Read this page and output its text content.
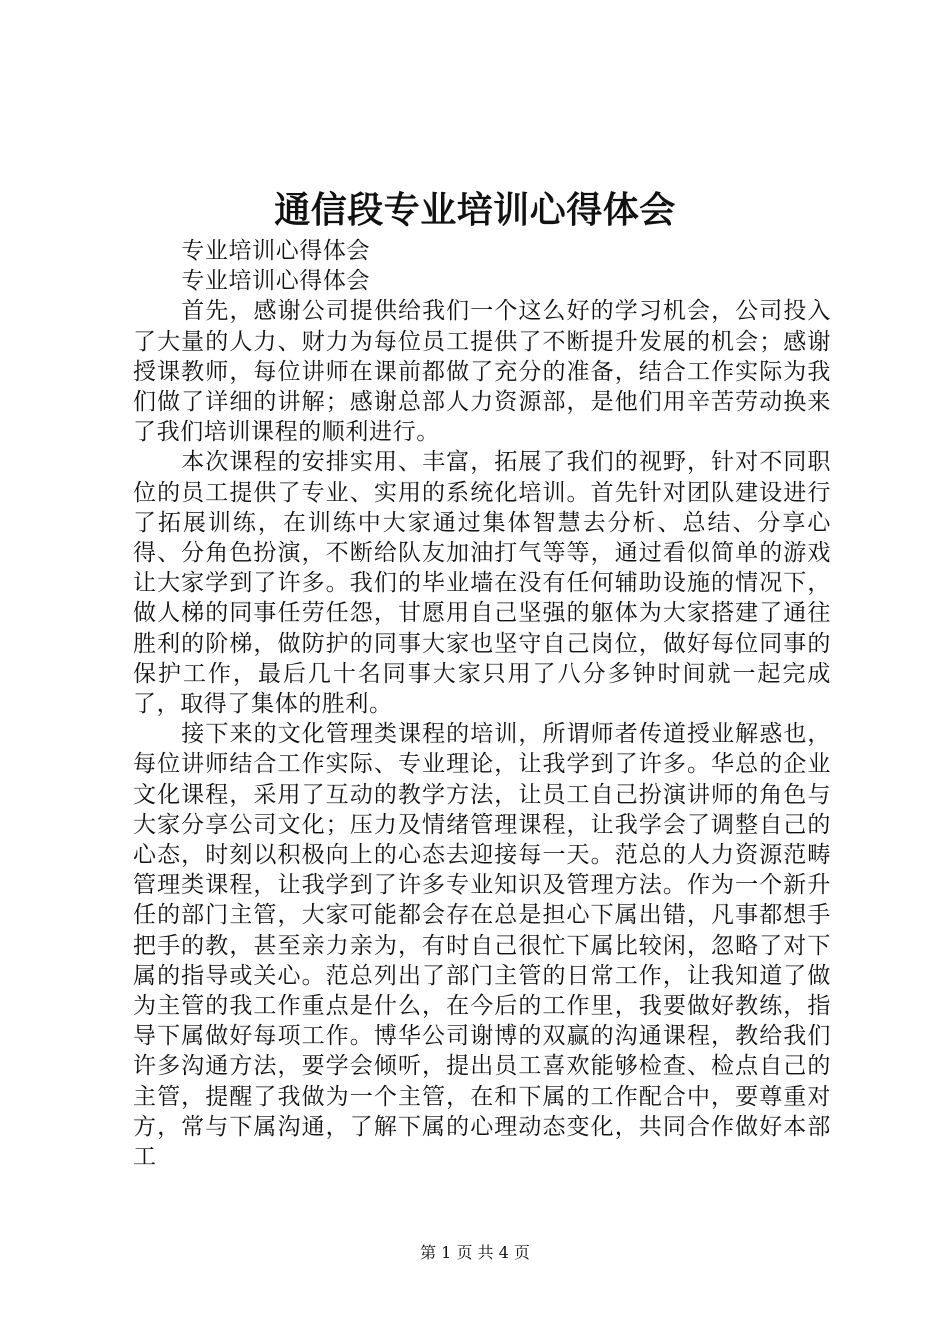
通信段专业培训心得体会

专业培训心得体会

专业培训心得体会

首先，感谢公司提供给我们一个这么好的学习机会，公司投入了大量的人力、财力为每位员工提供了不断提升发展的机会；感谢授课教师，每位讲师在课前都做了充分的准备，结合工作实际为我们做了详细的讲解；感谢总部人力资源部，是他们用辛苦劳动换来了我们培训课程的顺利进行。

本次课程的安排实用、丰富，拓展了我们的视野，针对不同职位的员工提供了专业、实用的系统化培训。首先针对团队建设进行了拓展训练，在训练中大家通过集体智慧去分析、总结、分享心得、分角色扮演，不断给队友加油打气等等，通过看似简单的游戏让大家学到了许多。我们的毕业墙在没有任何辅助设施的情况下，做人梯的同事任劳任怨，甘愿用自己坚强的躯体为大家搭建了通往胜利的阶梯，做防护的同事大家也坚守自己岗位，做好每位同事的保护工作，最后几十名同事大家只用了八分多钟时间就一起完成了，取得了集体的胜利。

接下来的文化管理类课程的培训，所谓师者传道授业解惑也，每位讲师结合工作实际、专业理论，让我学到了许多。华总的企业文化课程，采用了互动的教学方法，让员工自己扮演讲师的角色与大家分享公司文化；压力及情绪管理课程，让我学会了调整自己的心态，时刻以积极向上的心态去迎接每一天。范总的人力资源范畴管理类课程，让我学到了许多专业知识及管理方法。作为一个新升任的部门主管，大家可能都会存在总是担心下属出错，凡事都想手把手的教，甚至亲力亲为，有时自己很忙下属比较闲，忽略了对下属的指导或关心。范总列出了部门主管的日常工作，让我知道了做为主管的我工作重点是什么，在今后的工作里，我要做好教练，指导下属做好每项工作。博华公司谢博的双赢的沟通课程，教给我们许多沟通方法，要学会倾听，提出员工喜欢能够检查、检点自己的主管，提醒了我做为一个主管，在和下属的工作配合中，要尊重对方，常与下属沟通，了解下属的心理动态变化，共同合作做好本部工

第 1 页 共 4 页
